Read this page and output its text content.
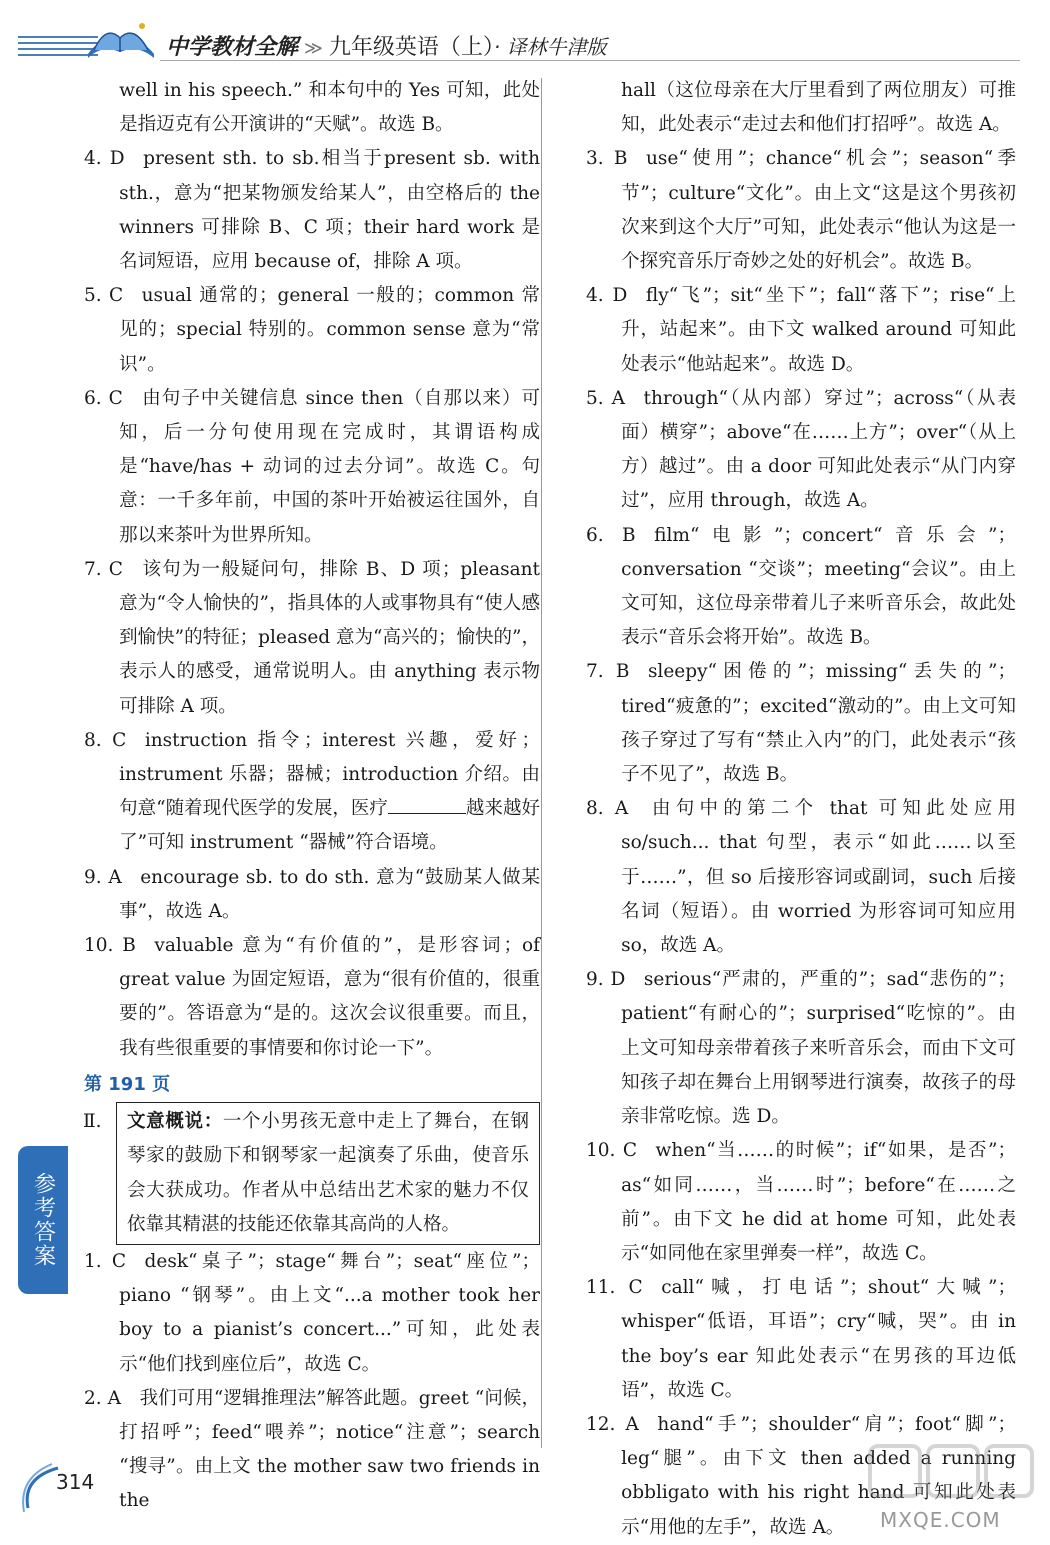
中学教材全解 ≫ 九年级英语（上）· 译林牛津版

well in his speech.” 和本句中的 Yes 可知，此处是指迈克有公开演讲的“天赋”。故选 B。

4. D present sth. to sb.相当于present sb. with sth.，意为“把某物颁发给某人”，由空格后的 the winners 可排除 B、C 项；their hard work 是名词短语，应用 because of，排除 A 项。

5. C usual 通常的；general 一般的；common 常见的；special 特别的。common sense 意为“常识”。

6. C 由句子中关键信息 since then（自那以来）可知，后一分句使用现在完成时，其谓语构成是“have/has + 动词的过去分词”。故选 C。句意：一千多年前，中国的茶叶开始被运往国外，自那以来茶叶为世界所知。

7. C 该句为一般疑问句，排除 B、D 项；pleasant 意为“令人愉快的”，指具体的人或事物具有“使人感到愉快”的特征；pleased 意为“高兴的；愉快的”，表示人的感受，通常说明人。由 anything 表示物可排除 A 项。

8. C instruction 指令；interest 兴趣，爱好；instrument 乐器；器械；introduction 介绍。由句意“随着现代医学的发展，医疗	越来越好了”可知 instrument “器械”符合语境。

9. A encourage sb. to do sth. 意为“鼓励某人做某事”，故选 A。

10. B valuable 意为“有价值的”，是形容词；of great value 为固定短语，意为“很有价值的，很重要的”。答语意为“是的。这次会议很重要。而且，我有些很重要的事情要和你讨论一下”。

第 191 页
Ⅱ. 文意概说：一个小男孩无意中走上了舞台，在钢琴家的鼓励下和钢琴家一起演奏了乐曲，使音乐会大获成功。作者从中总结出艺术家的魅力不仅依靠其精湛的技能还依靠其高尚的人格。

1. C desk“桌子”；stage“舞台”；seat“座位”；piano “钢琴”。由上文“...a mother took her boy to a pianist’s concert...”可知，此处表示“他们找到座位后”，故选 C。

2. A 我们可用“逻辑推理法”解答此题。greet “问候，打招呼”；feed“喂养”；notice“注意”；search “搜寻”。由上文 the mother saw two friends in the

hall（这位母亲在大厅里看到了两位朋友）可推知，此处表示“走过去和他们打招呼”。故选 A。

3. B use“使用”；chance“机会”；season“季节”；culture“文化”。由上文“这是这个男孩初次来到这个大厅”可知，此处表示“他认为这是一个探究音乐厅奇妙之处的好机会”。故选 B。

4. D fly“飞”；sit“坐下”；fall“落下”；rise“上升，站起来”。由下文 walked around 可知此处表示“他站起来”。故选 D。

5. A through“（从内部）穿过”；across“（从表面）横穿”；above“在……上方”；over“（从上方）越过”。由 a door 可知此处表示“从门内穿过”，应用 through，故选 A。

6. B film“电影”；concert“音乐会”；conversation “交谈”；meeting“会议”。由上文可知，这位母亲带着儿子来听音乐会，故此处表示“音乐会将开始”。故选 B。

7. B sleepy“困倦的”；missing“丢失的”；tired“疲惫的”；excited“激动的”。由上文可知孩子穿过了写有“禁止入内”的门，此处表示“孩子不见了”，故选 B。

8. A 由句中的第二个 that 可知此处应用 so/such... that 句型，表示“如此……以至于……”，但 so 后接形容词或副词，such 后接名词（短语）。由 worried 为形容词可知应用 so，故选 A。

9. D serious“严肃的，严重的”；sad“悲伤的”；patient“有耐心的”；surprised“吃惊的”。由上文可知母亲带着孩子来听音乐会，而由下文可知孩子却在舞台上用钢琴进行演奏，故孩子的母亲非常吃惊。选 D。

10. C when“当……的时候”；if“如果，是否”；as“如同……，当……时”；before“在……之前”。由下文 he did at home 可知，此处表示“如同他在家里弹奏一样”，故选 C。

11. C call“喊，打电话”；shout“大喊”；whisper“低语，耳语”；cry“喊，哭”。由 in the boy’s ear 知此处表示“在男孩的耳边低语”，故选 C。

12. A hand“手”；shoulder“肩”；foot“脚”；leg“腿”。由下文 then added a running obbligato with his right hand 可知此处表示“用他的左手”，故选 A。

参考答案
314
MXQE.COM
